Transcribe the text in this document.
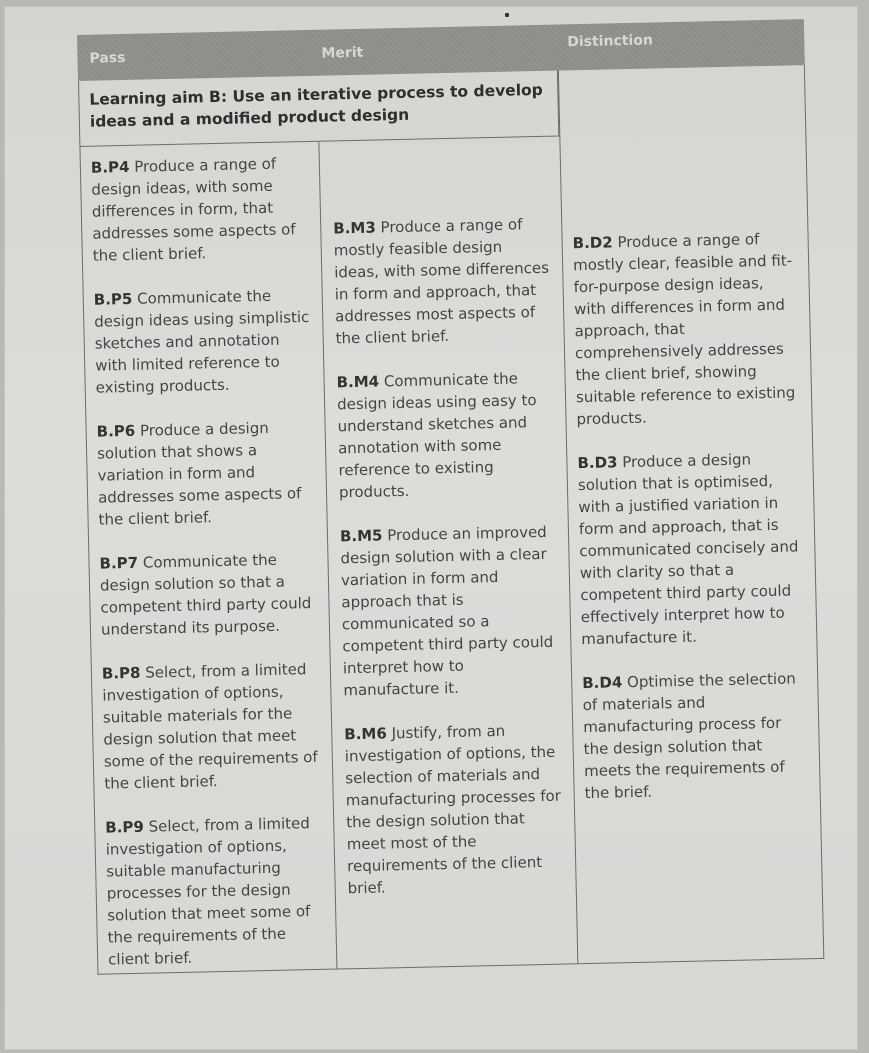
Pass	Merit
Distinction
Learning aim B: Use an iterative process to develop ideas and a modified product design

B.P4 Produce a range of design ideas, with some differences in form, that addresses some aspects of the client brief.

B.P5 Communicate the design ideas using simplistic sketches and annotation with limited reference to existing products.

B.P6 Produce a design solution that shows a variation in form and addresses some aspects of the client brief.

B.P7 Communicate the design solution so that a competent third party could understand its purpose.

B.P8 Select, from a limited investigation of options, suitable materials for the design solution that meet some of the requirements of the client brief.

B.P9 Select, from a limited investigation of options, suitable manufacturing processes for the design solution that meet some of the requirements of the client brief.

B.M3 Produce a range of mostly feasible design ideas, with some differences in form and approach, that addresses most aspects of the client brief.

B.M4 Communicate the design ideas using easy to understand sketches and annotation with some reference to existing products.

B.M5 Produce an improved design solution with a clear variation in form and approach that is communicated so a competent third party could interpret how to manufacture it.

B.M6 Justify, from an investigation of options, the selection of materials and manufacturing processes for the design solution that meet most of the requirements of the client brief.

B.D2 Produce a range of mostly clear, feasible and fit- for-purpose design ideas, with differences in form and approach, that comprehensively addresses the client brief, showing suitable reference to existing products.

B.D3 Produce a design solution that is optimised, with a justified variation in form and approach, that is communicated concisely and with clarity so that a competent third party could effectively interpret how to manufacture it.

B.D4 Optimise the selection of materials and manufacturing process for the design solution that meets the requirements of the brief.
